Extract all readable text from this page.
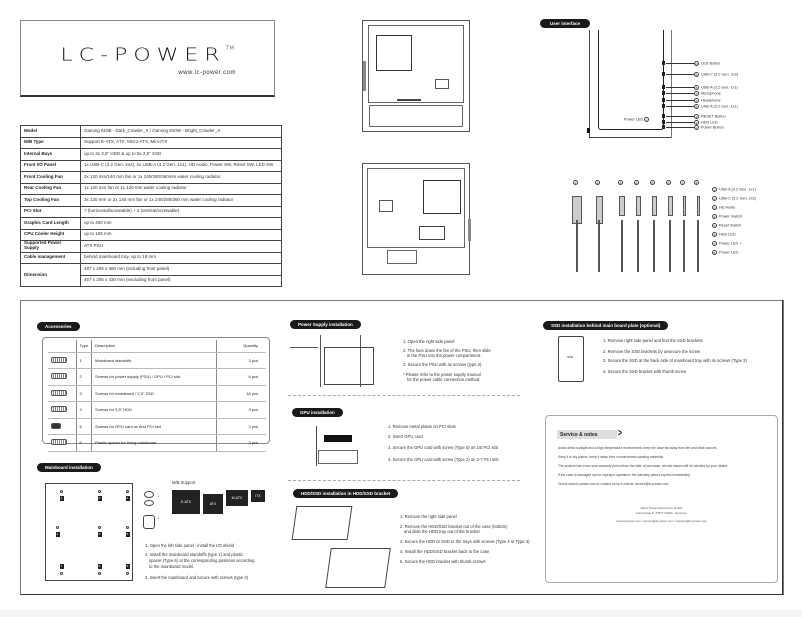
LC-POWER™
www.lc-power.com
Model	Gaming 810B - Dark_Crawler_X / Gaming 810W - Bright_Crawler_X
M/B Type	Support E-ATX, ATX, Micro-ATX, Mini-ITX
Internal Bays	up to 3x 3,5" HDD & up to 5x 2,5" SSD
Front I/O Panel	1x USB-C (3.2 Gen. 2x2), 2x USB-A (3.2 Gen. 1x1), HD Audio, Power SW, Reset SW, LED SW
Front Cooling Fan	3x 120 mm/140 mm fan or 1x 240/280/360mm water cooling radiator
Rear Cooling Fan	1x 120 mm fan or 1x 120 mm water cooling radiator
Top Cooling Fan	3x 120 mm or 2x 140 mm fan or 1x 240/280/360 mm water cooling radiator
PCI Slot	7 (horizontal/screwable) + 2 (vertical/screwable)
Graphic Card Length	up to 400 mm
CPU Cooler Height	up to 155 mm
Supported Power Supply	ATX PSU
Cable management	behind mainboard tray, up to 18 mm
Dimension	487 x 205 x 480 mm (including front panel)
	467 x 205 x 430 mm (excluding front panel)
User interface
10 LED Button
9 USB-C (3.2 Gen. 2x2)
8 USB-A (3.2 Gen. 1x1)
7 Microphone
6 Headphone
5 USB-A (3.2 Gen. 1x1)
4 RESET Button
3 HDD LED
2 Power Button
Power LED 1
1	2	3	4	5	6	7	8
1 USB-A (3.2 Gen. 1x1)
2 USB-C (3.2 Gen. 2x2)
3 HD Audio
4 Power Switch
5 Reset Switch
6 HDD LED
7 Power LED +
8 Power LED -
Accessories
	Type	Description	Quantity
	1	Mainboard standoffs	3 pcs
	2	Screws for power supply (PSU) / GPU / PCI slot	6 pcs
	3	Screws for mainboard / 2,5" SSD	18 pcs
	4	Screws for 3,5" HDD	9 pcs
	5	Screws for GPU card on first PCI slot	2 pcs
	6	Plastic spacer for fixing mainboard	3 pcs
Mainboard installation
1	2	3
4	5	6
7	8	9
↓
↓
M/B Support
E-ATX	ATX
M-ATX	ITX
1. Open the left side panel , install the I/O shield
2. Install the mainboard standoffs (type 1) and plastic
spacer (Type 6) at the corresponding positions according
to the mainboard model.
3. Insert the mainboard and secure with screws (type 3)
Power Supply installation
1. Open the right side panel
2. The face down the fan of the PSU, then slide
in the PSU into the power compartment.
3. Secure the PSU with 4x screws (type 2)
* Please refer to the power supply manual
for the power cable connection method.
GPU installation
1. Remove metal plates on PCI slots
2. Insert GPU card
3. Secure the GPU card with screw (Type 5) on 1st PCI slot
4. Secure the GPU card with screw (Type 2) on 2-7 PCI slot
HDD/SSD installation in HDD/SSD bracket
1. Remove the right side panel
2. Remove the HDD/SSD bracket out of the case (bottom)
and slide the HDD tray out of the bracket
3. Secure the HDD or SSD to the trays with screws (Type 4 or Type 3)
4. Install the HDD/SSD bracket back to the case
5. Secure the HDD bracket with thumb screws
SSD installation behind main board plate (optional)
SSD
1. Remove right side panel and find the SSD brackets
2. Remove the SSD brackets by unsecure the screw
3. Secure the SSD at the back side of mainboard tray with 4x screws (Type 3)
4. Secure the SSD bracket with thumb screw
Service & notes	>
Avoid direct sunlight and a high temperature environment; keep the case far away from fire and heat sources.
Keep it in dry places, keep it away from corrosiveness causing materials.
The product has a two year warranty period from the date of purchase, service issues will be handled by your dealer.
If the case is damaged due to improper operation, the warranty period expires immediately.
Check www.lc-power.com or contact us by e-mail at: service@lc-power.com.
Silent Power Electronics GmbH
Formerweg 8, 47877 Willich, Germany
www.lc-power.com / service@lc-power.com / support@lc-power.com
